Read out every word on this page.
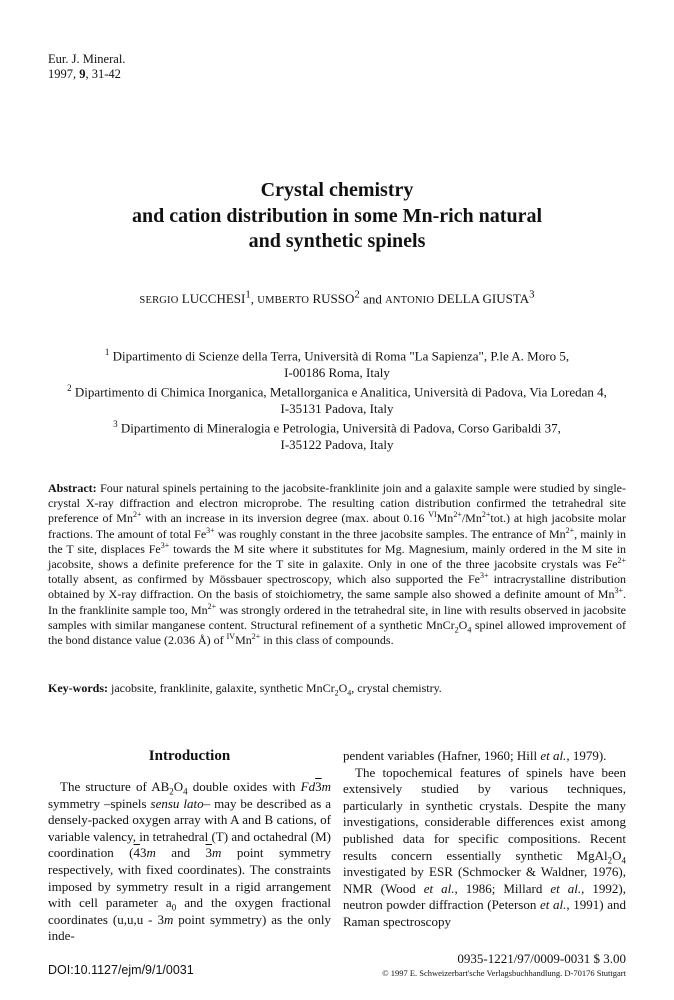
Eur. J. Mineral.
1997, 9, 31-42
Crystal chemistry
and cation distribution in some Mn-rich natural
and synthetic spinels
SERGIO LUCCHESI$^1$, UMBERTO RUSSO$^2$ and ANTONIO DELLA GIUSTA$^3$
$^1$ Dipartimento di Scienze della Terra, Università di Roma "La Sapienza", P.le A. Moro 5,
I-00186 Roma, Italy
$^2$ Dipartimento di Chimica Inorganica, Metallorganica e Analitica, Università di Padova, Via Loredan 4,
I-35131 Padova, Italy
$^3$ Dipartimento di Mineralogia e Petrologia, Università di Padova, Corso Garibaldi 37,
I-35122 Padova, Italy
Abstract: Four natural spinels pertaining to the jacobsite-franklinite join and a galaxite sample were studied by single-crystal X-ray diffraction and electron microprobe. The resulting cation distribution confirmed the tetrahedral site preference of $Mn^{2+}$ with an increase in its inversion degree (max. about 0.16 $^{VI}Mn^{2+}/Mn^{2+}tot$.) at high jacobsite molar fractions. The amount of total $Fe^{3+}$ was roughly constant in the three jacobsite samples. The entrance of $Mn^{2+}$, mainly in the T site, displaces $Fe^{3+}$ towards the M site where it substitutes for Mg. Magnesium, mainly ordered in the M site in jacobsite, shows a definite preference for the T site in galaxite. Only in one of the three jacobsite crystals was $Fe^{2+}$ totally absent, as confirmed by Mössbauer spectroscopy, which also supported the $Fe^{3+}$ intracrystalline distribution obtained by X-ray diffraction. On the basis of stoichiometry, the same sample also showed a definite amount of $Mn^{3+}$. In the franklinite sample too, $Mn^{2+}$ was strongly ordered in the tetrahedral site, in line with results observed in jacobsite samples with similar manganese content. Structural refinement of a synthetic $MnCr_2O_4$ spinel allowed improvement of the bond distance value (2.036 Å) of $^{IV}Mn^{2+}$ in this class of compounds.
Key-words: jacobsite, franklinite, galaxite, synthetic $MnCr_2O_4$, crystal chemistry.
Introduction

The structure of $AB_2O_4$ double oxides with Fd3m symmetry –spinels sensu lato– may be described as a densely-packed oxygen array with A and B cations, of variable valency, in tetrahedral (T) and octahedral (M) coordination (43m and 3m point symmetry respectively, with fixed coordinates). The constraints imposed by symmetry result in a rigid arrangement with cell parameter $a_0$ and the oxygen fractional coordinates (u,u,u - 3m point symmetry) as the only inde-

pendent variables (Hafner, 1960; Hill et al., 1979).

The topochemical features of spinels have been extensively studied by various techniques, particularly in synthetic crystals. Despite the many investigations, considerable differences exist among published data for specific compositions. Recent results concern essentially synthetic $MgAl_2O_4$ investigated by ESR (Schmocker & Waldner, 1976), NMR (Wood et al., 1986; Millard et al., 1992), neutron powder diffraction (Peterson et al., 1991) and Raman spectroscopy

0935-1221/97/0009-0031 $ 3.00
DOI:10.1127/ejm/9/1/0031	© 1997 E. Schweizerbart'sche Verlagsbuchhandlung. D-70176 Stuttgart
